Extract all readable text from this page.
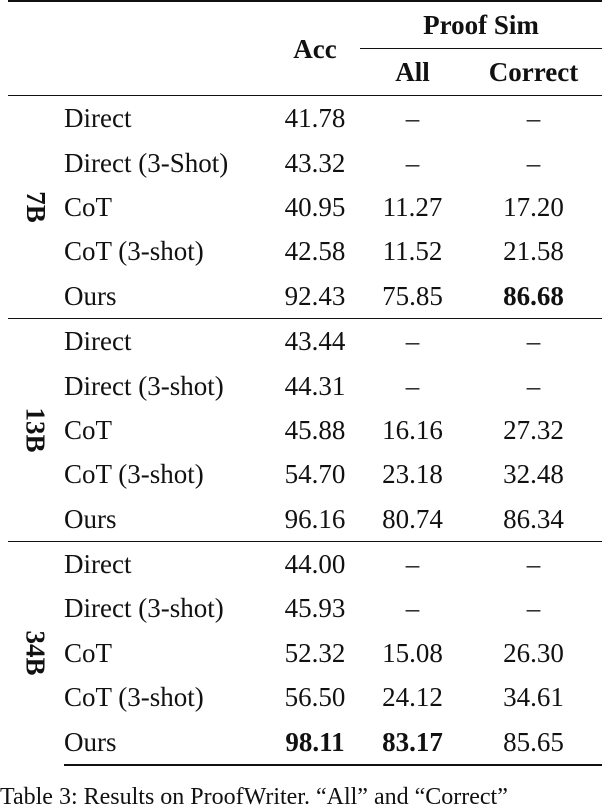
		Acc	Proof Sim	
			All	Correct
7B	Direct	41.78	–	–
	Direct (3-Shot)	43.32	–	–
	CoT	40.95	11.27	17.20
	CoT (3-shot)	42.58	11.52	21.58
	Ours	92.43	75.85	86.68
13B	Direct	43.44	–	–
	Direct (3-shot)	44.31	–	–
	CoT	45.88	16.16	27.32
	CoT (3-shot)	54.70	23.18	32.48
	Ours	96.16	80.74	86.34
34B	Direct	44.00	–	–
	Direct (3-shot)	45.93	–	–
	CoT	52.32	15.08	26.30
	CoT (3-shot)	56.50	24.12	34.61
	Ours	98.11	83.17	85.65
Table 3: Results on ProofWriter. “All” and “Correct”
